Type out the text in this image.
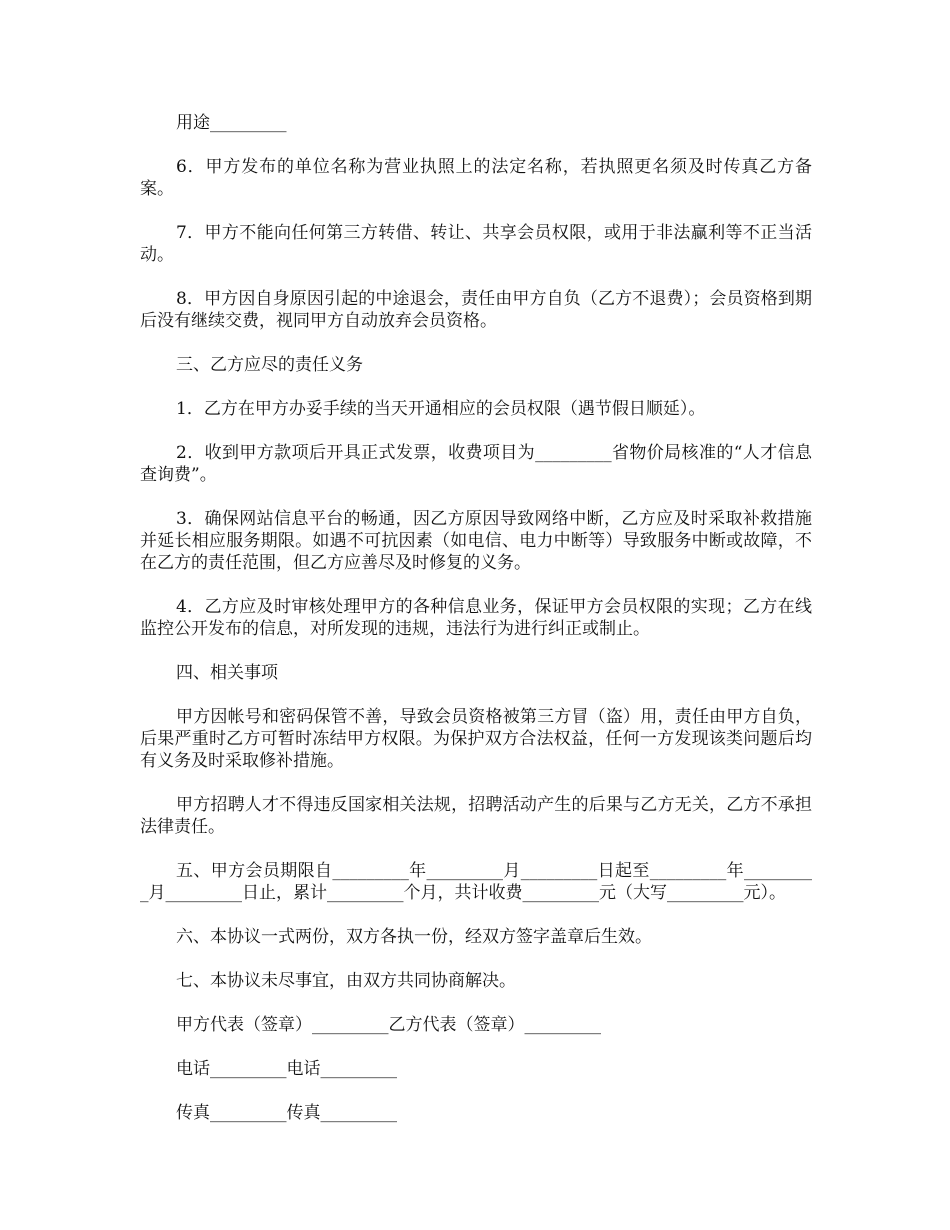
用途_________

6．甲方发布的单位名称为营业执照上的法定名称，若执照更名须及时传真乙方备案。

7．甲方不能向任何第三方转借、转让、共享会员权限，或用于非法赢利等不正当活动。

8．甲方因自身原因引起的中途退会，责任由甲方自负（乙方不退费）；会员资格到期后没有继续交费，视同甲方自动放弃会员资格。

三、乙方应尽的责任义务

1．乙方在甲方办妥手续的当天开通相应的会员权限（遇节假日顺延）。

2．收到甲方款项后开具正式发票，收费项目为_________省物价局核准的“人才信息查询费”。

3．确保网站信息平台的畅通，因乙方原因导致网络中断，乙方应及时采取补救措施并延长相应服务期限。如遇不可抗因素（如电信、电力中断等）导致服务中断或故障，不在乙方的责任范围，但乙方应善尽及时修复的义务。

4．乙方应及时审核处理甲方的各种信息业务，保证甲方会员权限的实现；乙方在线监控公开发布的信息，对所发现的违规，违法行为进行纠正或制止。

四、相关事项

甲方因帐号和密码保管不善，导致会员资格被第三方冒（盗）用，责任由甲方自负，后果严重时乙方可暂时冻结甲方权限。为保护双方合法权益，任何一方发现该类问题后均有义务及时采取修补措施。

甲方招聘人才不得违反国家相关法规，招聘活动产生的后果与乙方无关，乙方不承担法律责任。

五、甲方会员期限自_________年_________月_________日起至_________年_________月_________日止，累计_________个月，共计收费_________元（大写_________元）。

六、本协议一式两份，双方各执一份，经双方签字盖章后生效。

七、本协议未尽事宜，由双方共同协商解决。

甲方代表（签章）_________乙方代表（签章）_________

电话_________电话_________

传真_________传真_________
